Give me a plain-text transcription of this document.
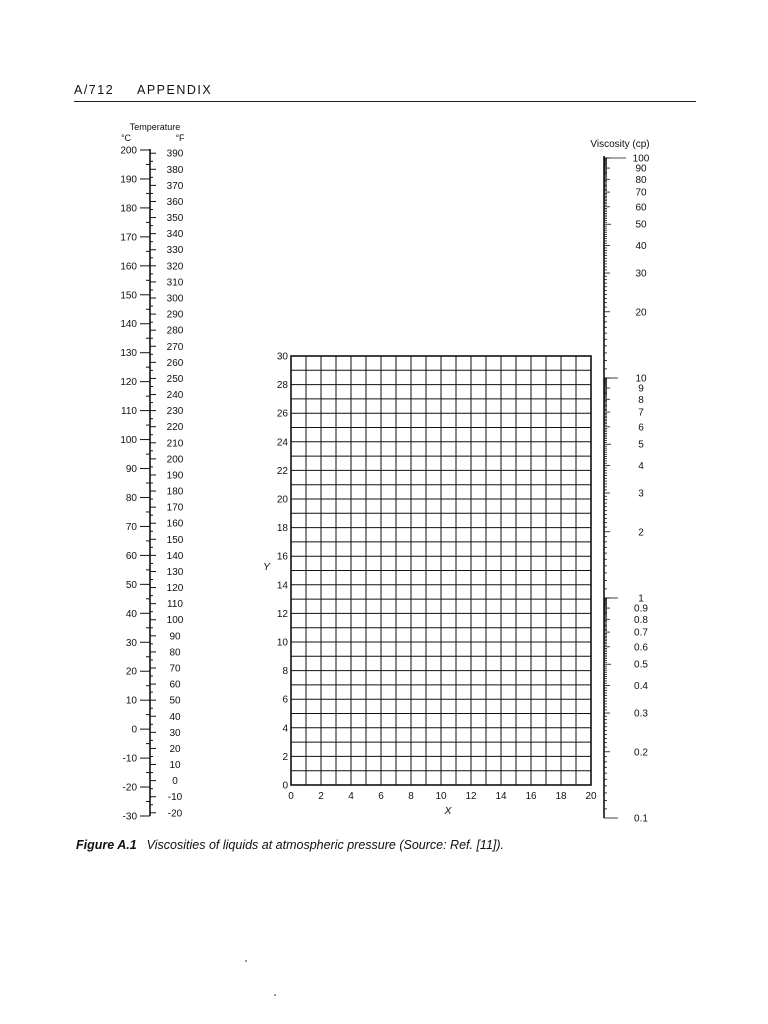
A/712 APPENDIX
Temperature
°C	°F
200
190
180
170
160
150
140
130
120
110
100
90
80
70
60
50
40
30
20
10
0
-10
-20
-30
390
380
370
360
350
340
330
320
310
300
290
280
270
260
250
240
230
220
210
200
190
180
170
160
150
140
130
120
110
100
90
80
70
60
50
40
30
20
10
0
-10
-20
0 2 4 6 8 10 12 14 16 18 20
0
2
4
6
8
10
12
14
16
18
20
22
24
26
28
30
X
Y
Viscosity (cp)
100
90
80
70
60
50
40
30
20
10
9
8
7
6
5
4
3
2
1
0.9
0.8
0.7
0.6
0.5
0.4
0.3
0.2
0.1
Figure A.1 Viscosities of liquids at atmospheric pressure (Source: Ref. [11]).
